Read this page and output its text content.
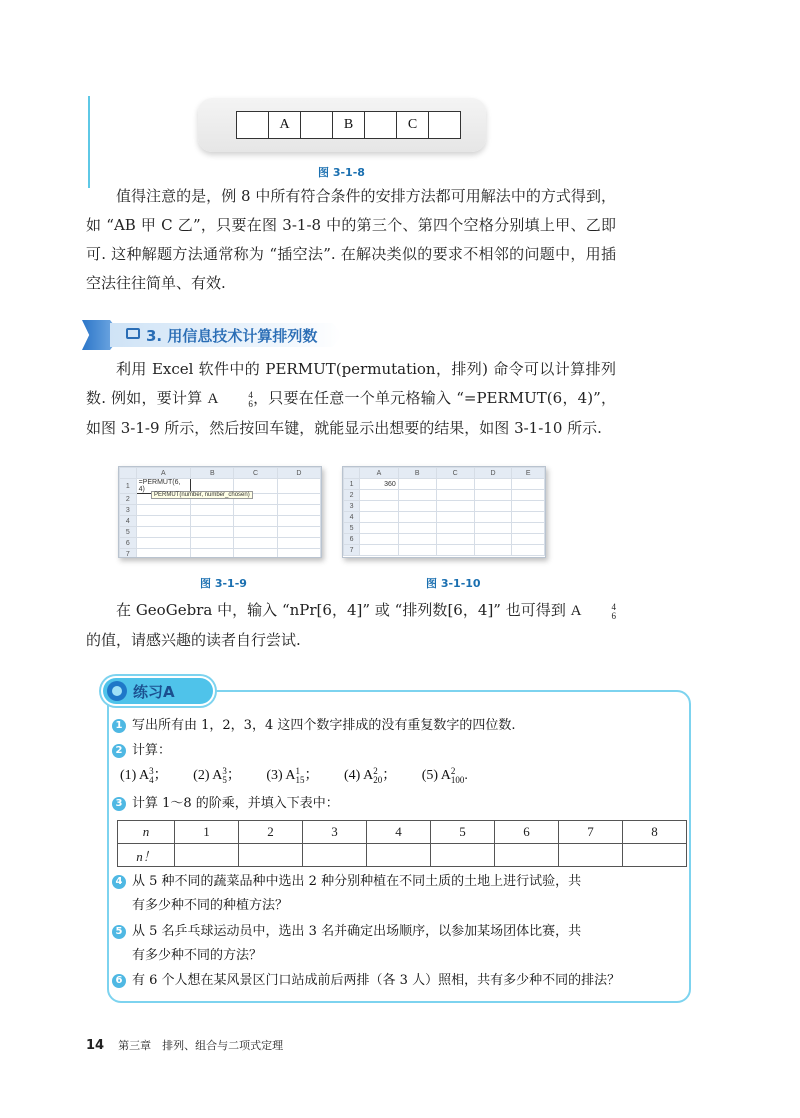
A	B	C
图 3-1-8

值得注意的是，例 8 中所有符合条件的安排方法都可用解法中的方式得到，如 “AB 甲 C 乙”，只要在图 3-1-8 中的第三个、第四个空格分别填上甲、乙即可. 这种解题方法通常称为 “插空法”. 在解决类似的要求不相邻的问题中，用插空法往往简单、有效.

3. 用信息技术计算排列数

利用 Excel 软件中的 PERMUT(permutation，排列) 命令可以计算排列数. 例如，要计算 A	4
6 ，只要在任意一个单元格输入 “=PERMUT(6，4)”，如图 3-1-9 所示，然后按回车键，就能显示出想要的结果，如图 3-1-10 所示.

	A	B	C	D
1	=PERMUT(6, 4)			
2				
3				
4				
5				
6				
7				
PERMUT(number, number_chosen)
图 3-1-9
	A	B	C	D	E
1	360				
2					
3					
4					
5					
6					
7					
图 3-1-10

在 GeoGebra 中，输入 “nPr[6，4]” 或 “排列数[6，4]” 也可得到 A	4
6
的值，请感兴趣的读者自行尝试.

练习A
1 写出所有由 1，2，3，4 这四个数字排成的没有重复数字的四位数.
2 计算：
(1) A 3
4 ； (2) A 3
5 ； (3) A 1
15 ； (4) A 2
20 ； (5) A 2
100 .
3 计算 1～8 的阶乘，并填入下表中：
n	1	2	3	4	5	6	7	8
n！								
4 从 5 种不同的蔬菜品种中选出 2 种分别种植在不同土质的土地上进行试验，共
有多少种不同的种植方法？
5 从 5 名乒乓球运动员中，选出 3 名并确定出场顺序，以参加某场团体比赛，共
有多少种不同的方法？
6 有 6 个人想在某风景区门口站成前后两排（各 3 人）照相，共有多少种不同的排法？
14 第三章　排列、组合与二项式定理
